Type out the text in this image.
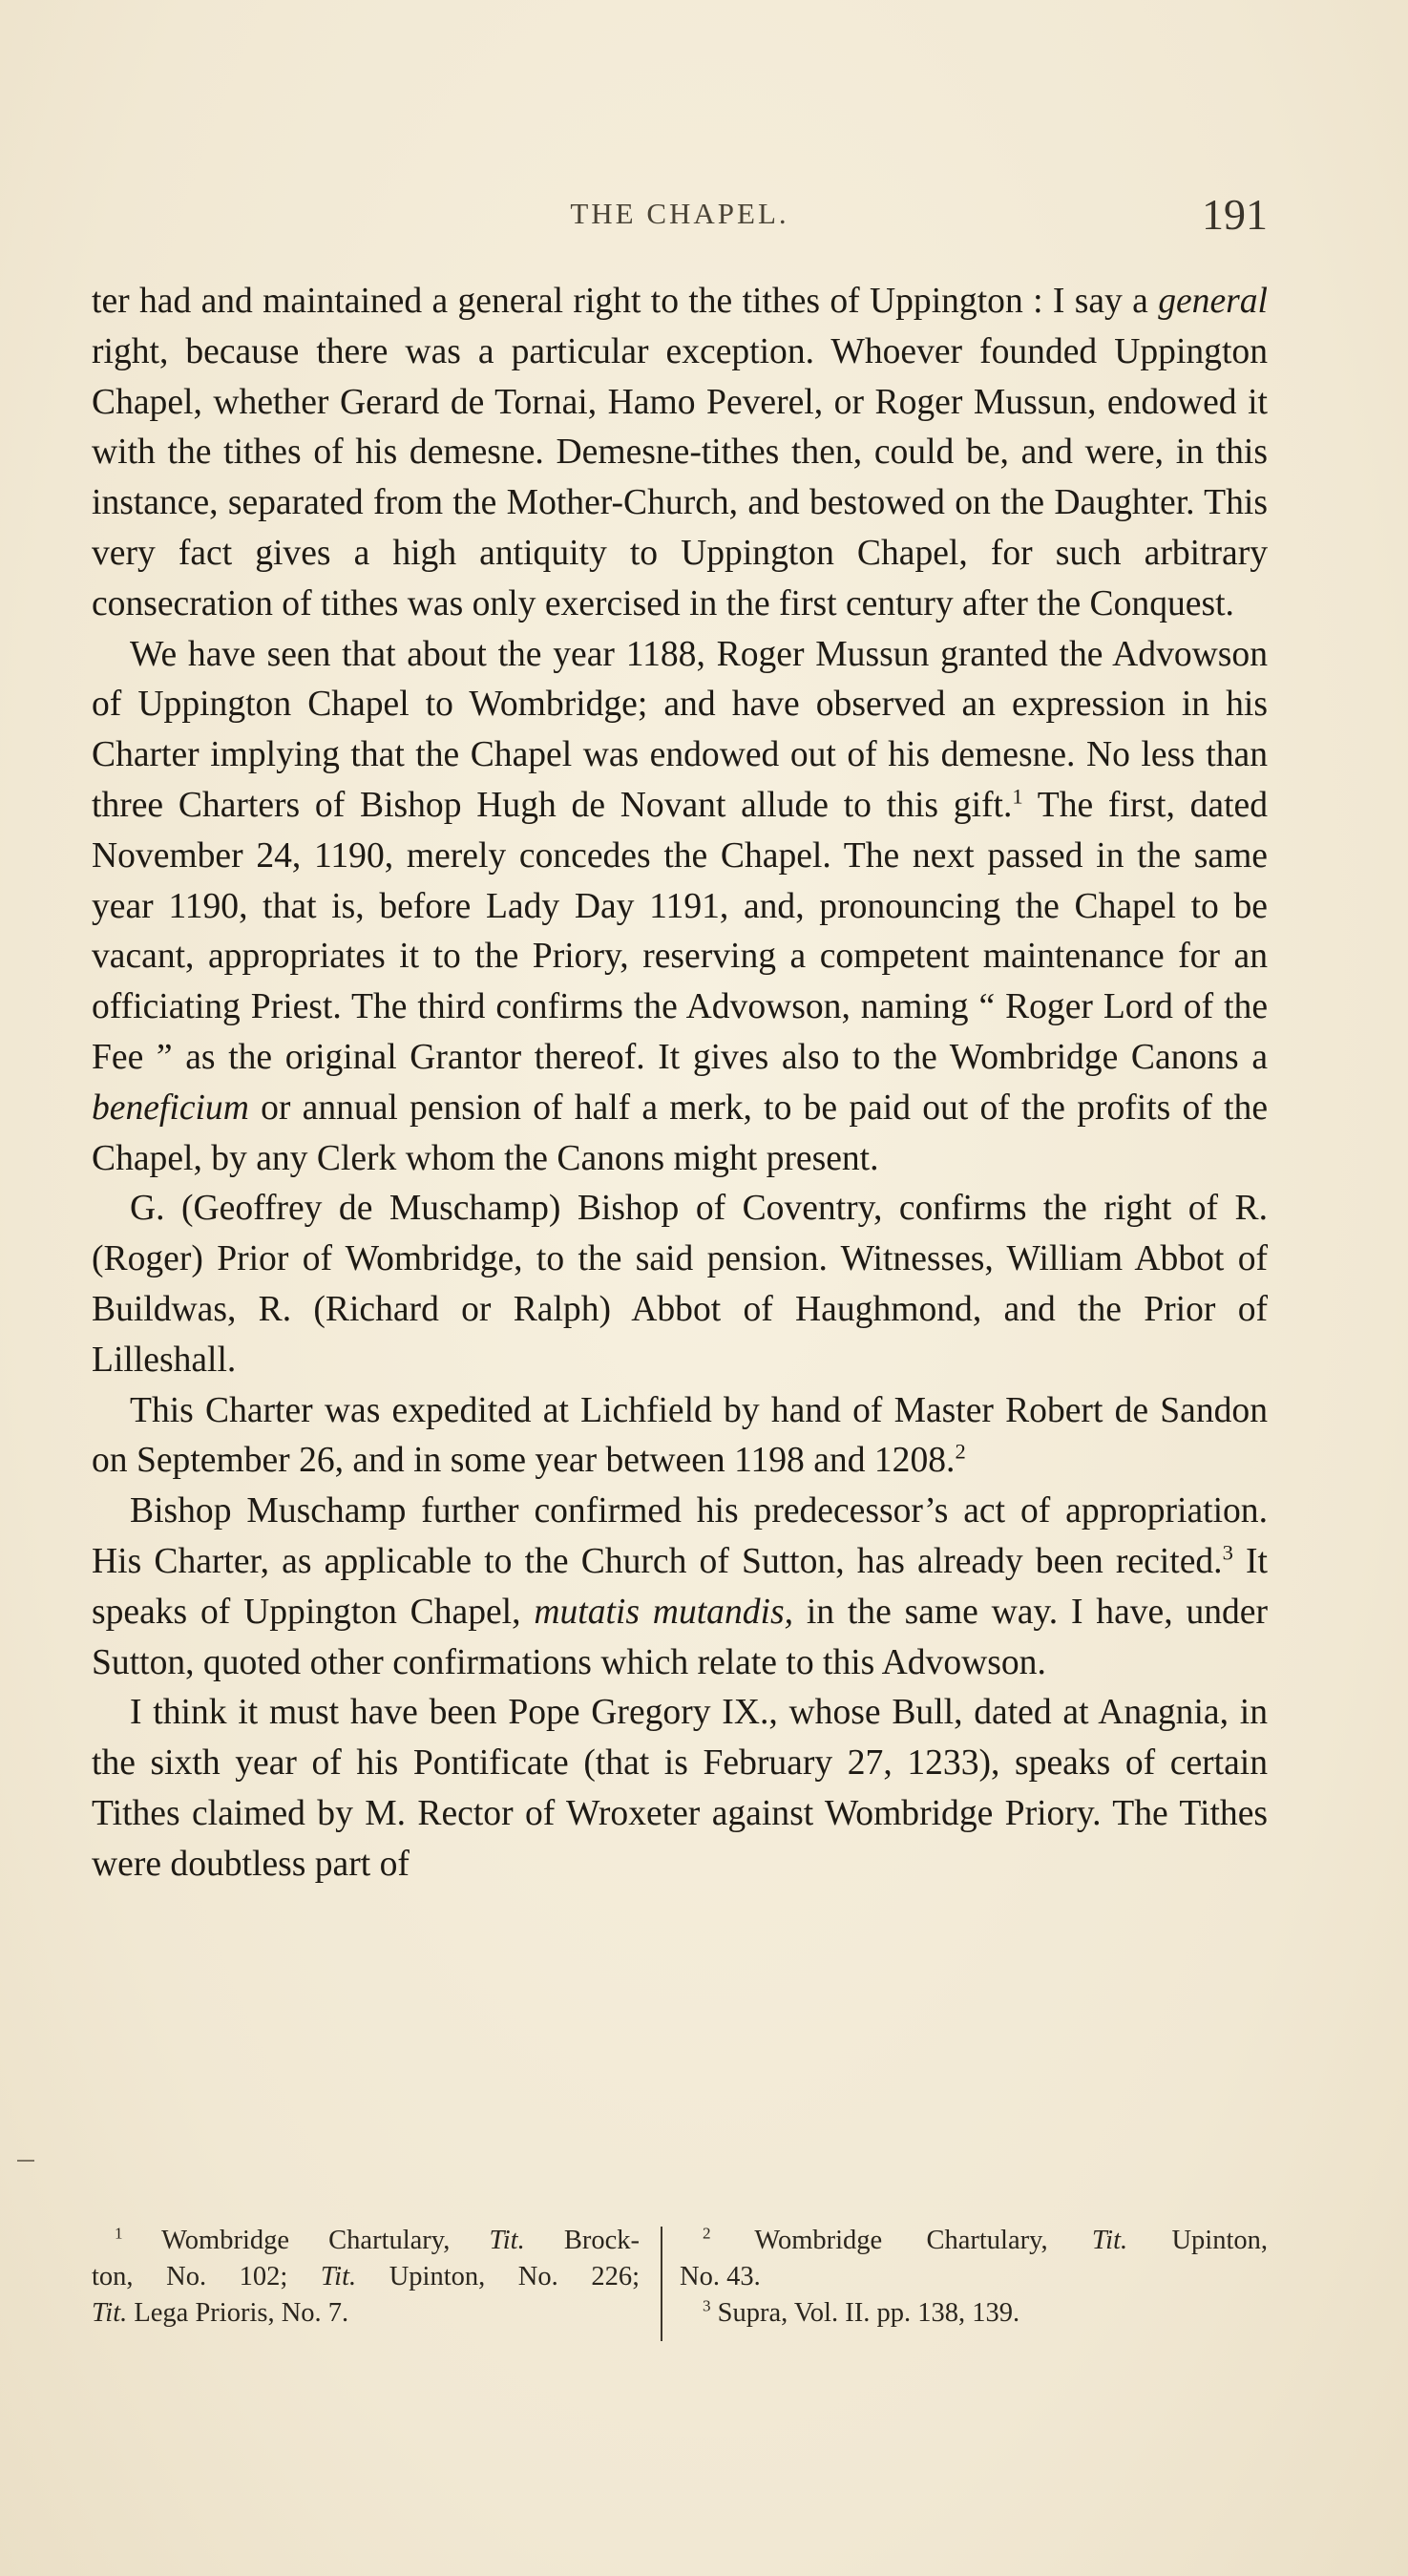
THE CHAPEL.	191

ter had and maintained a general right to the tithes of Uppington : I say a general right, because there was a particular exception. Whoever founded Uppington Chapel, whether Gerard de Tornai, Hamo Peverel, or Roger Mussun, endowed it with the tithes of his demesne. Demesne-tithes then, could be, and were, in this instance, separated from the Mother-Church, and bestowed on the Daughter. This very fact gives a high antiquity to Uppington Chapel, for such arbitrary consecration of tithes was only exercised in the first century after the Conquest.

We have seen that about the year 1188, Roger Mussun granted the Advowson of Uppington Chapel to Wombridge; and have observed an expression in his Charter implying that the Chapel was endowed out of his demesne. No less than three Charters of Bishop Hugh de Novant allude to this gift.$^1$ The first, dated November 24, 1190, merely concedes the Chapel. The next passed in the same year 1190, that is, before Lady Day 1191, and, pronouncing the Chapel to be vacant, appropriates it to the Priory, reserving a competent maintenance for an officiating Priest. The third confirms the Advowson, naming “ Roger Lord of the Fee ” as the original Grantor thereof. It gives also to the Wombridge Canons a beneficium or annual pension of half a merk, to be paid out of the profits of the Chapel, by any Clerk whom the Canons might present.

G. (Geoffrey de Muschamp) Bishop of Coventry, confirms the right of R. (Roger) Prior of Wombridge, to the said pension. Witnesses, William Abbot of Buildwas, R. (Richard or Ralph) Abbot of Haughmond, and the Prior of Lilleshall.

This Charter was expedited at Lichfield by hand of Master Robert de Sandon on September 26, and in some year between 1198 and 1208.$^2$

Bishop Muschamp further confirmed his predecessor’s act of appropriation. His Charter, as applicable to the Church of Sutton, has already been recited.$^3$ It speaks of Uppington Chapel, mutatis mutandis, in the same way. I have, under Sutton, quoted other confirmations which relate to this Advowson.

I think it must have been Pope Gregory IX., whose Bull, dated at Anagnia, in the sixth year of his Pontificate (that is February 27, 1233), speaks of certain Tithes claimed by M. Rector of Wroxeter against Wombridge Priory. The Tithes were doubtless part of

$^1$ Wombridge Chartulary, Tit. Brock-
ton, No. 102; Tit. Upinton, No. 226;
Tit. Lega Prioris, No. 7.
$^2$ Wombridge Chartulary, Tit. Upinton,
No. 43.
$^3$ Supra, Vol. II. pp. 138, 139.
